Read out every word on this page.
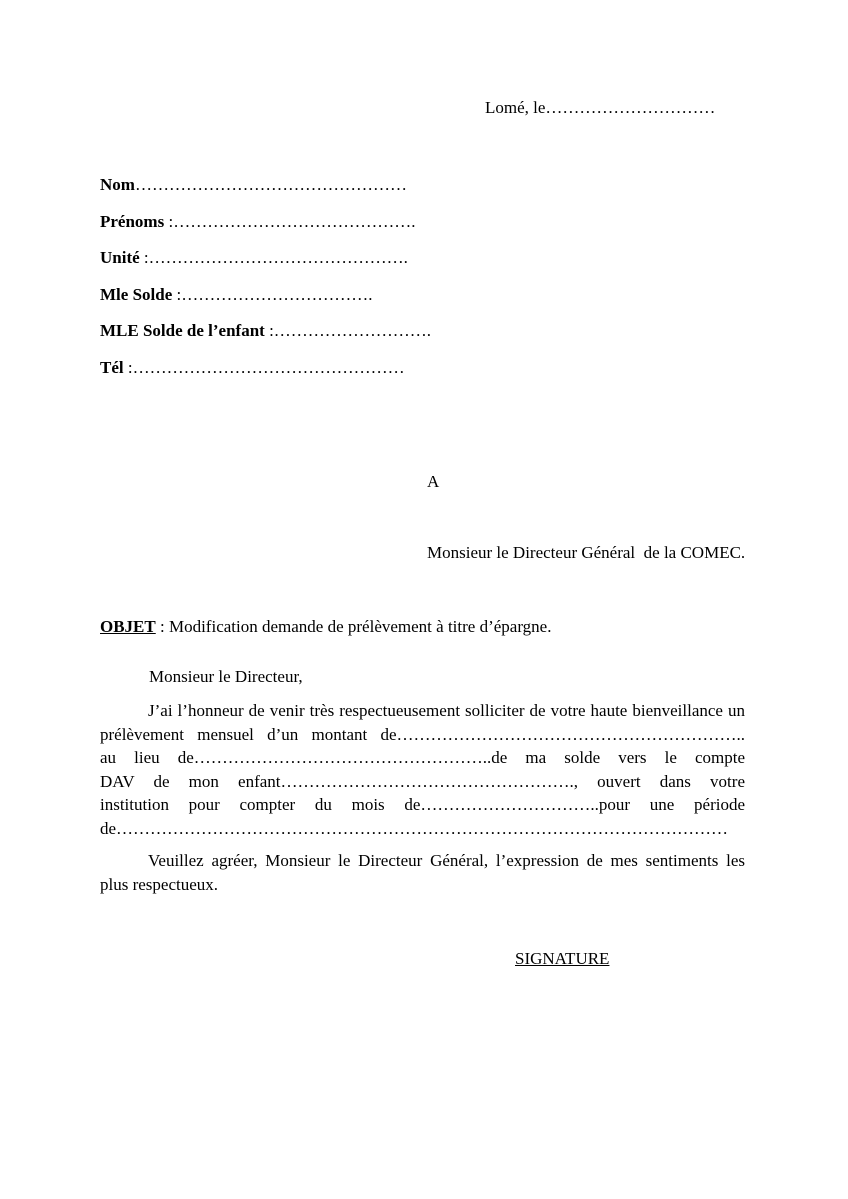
Lomé, le…………………………
Nom…………………………………………
Prénoms :…………………………………….
Unité :……………………………………….
Mle Solde :…………………………….
MLE Solde de l’enfant :……………………….
Tél :…………………………………………
A
Monsieur le Directeur Général  de la COMEC.
OBJET : Modification demande de prélèvement à titre d’épargne.
Monsieur le Directeur,
J’ai l’honneur de venir très respectueusement solliciter de votre haute bienveillance un
prélèvement mensuel d’un montant de……………………………………………………..
au lieu de……………………………………………..de ma solde vers le compte
DAV de mon enfant……………………………………………., ouvert dans votre
institution pour compter du mois de…………………………..pour une période
de………………………………………………………………………………………………
Veuillez agréer, Monsieur le Directeur Général, l’expression de mes sentiments les
plus respectueux.
SIGNATURE
